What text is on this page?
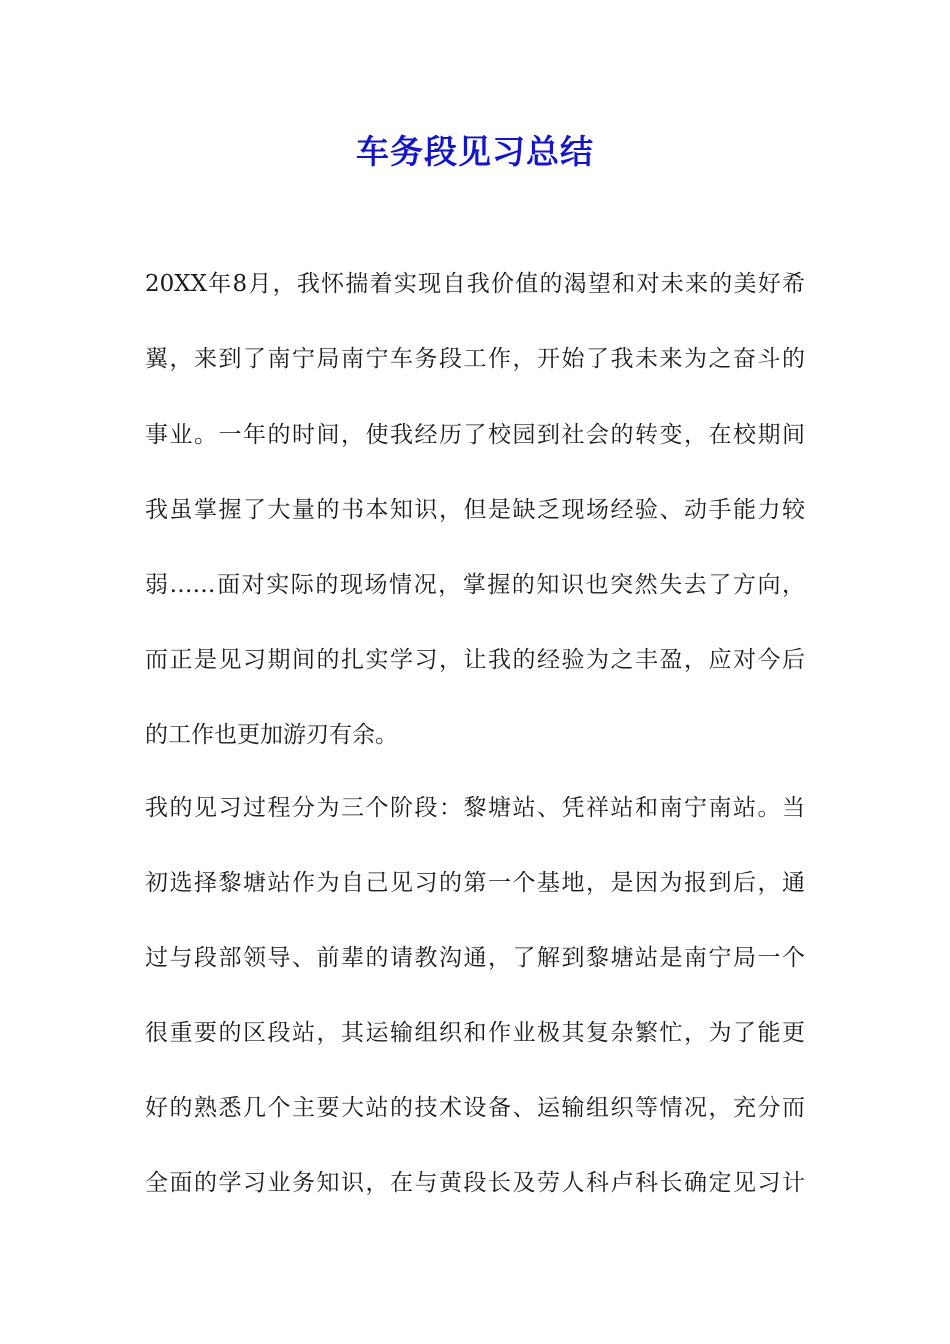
车务段见习总结
20XX年8月，我怀揣着实现自我价值的渴望和对未来的美好希
翼，来到了南宁局南宁车务段工作，开始了我未来为之奋斗的
事业。一年的时间，使我经历了校园到社会的转变，在校期间
我虽掌握了大量的书本知识，但是缺乏现场经验、动手能力较
弱……面对实际的现场情况，掌握的知识也突然失去了方向，
而正是见习期间的扎实学习，让我的经验为之丰盈，应对今后
的工作也更加游刃有余。
我的见习过程分为三个阶段：黎塘站、凭祥站和南宁南站。当
初选择黎塘站作为自己见习的第一个基地，是因为报到后，通
过与段部领导、前辈的请教沟通，了解到黎塘站是南宁局一个
很重要的区段站，其运输组织和作业极其复杂繁忙，为了能更
好的熟悉几个主要大站的技术设备、运输组织等情况，充分而
全面的学习业务知识，在与黄段长及劳人科卢科长确定见习计
